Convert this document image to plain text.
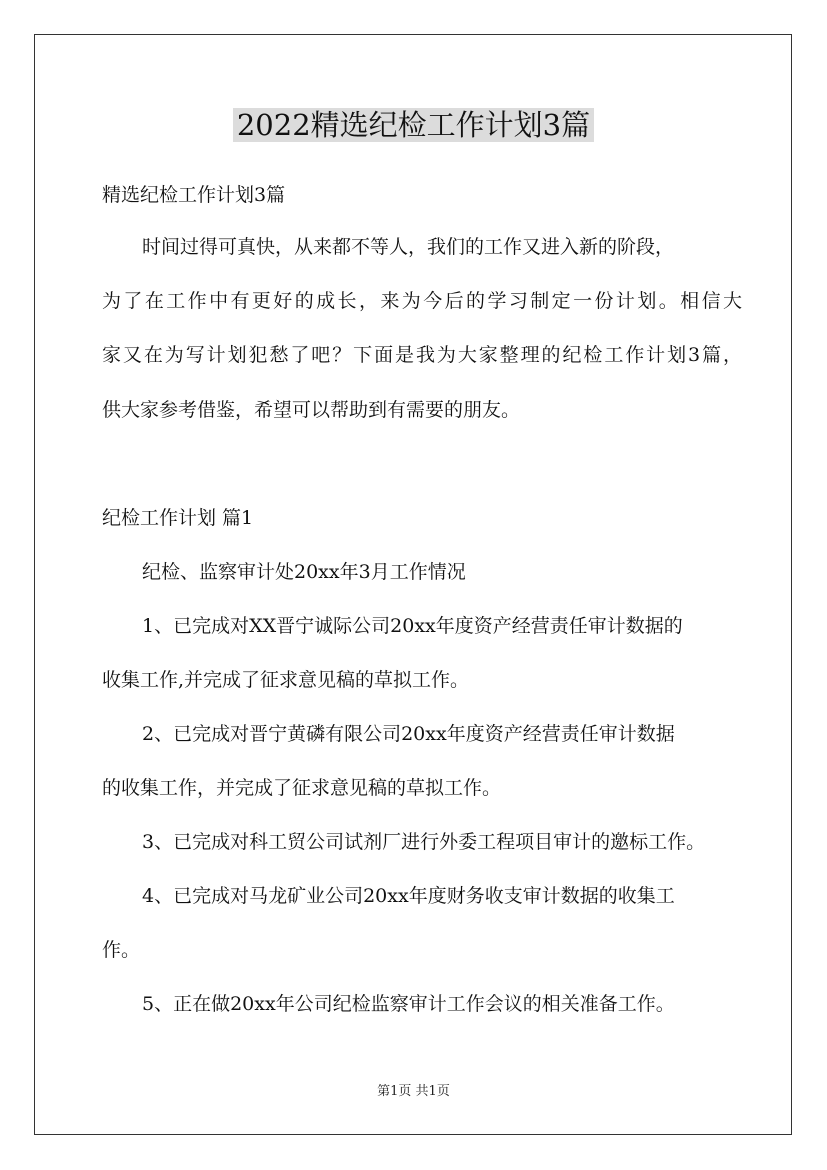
2022精选纪检工作计划3篇
精选纪检工作计划3篇
时间过得可真快，从来都不等人，我们的工作又进入新的阶段，
为了在工作中有更好的成长，来为今后的学习制定一份计划。相信大
家又在为写计划犯愁了吧？下面是我为大家整理的纪检工作计划3篇，
供大家参考借鉴，希望可以帮助到有需要的朋友。
纪检工作计划 篇1
纪检、监察审计处20xx年3月工作情况
1、已完成对XX晋宁诚际公司20xx年度资产经营责任审计数据的
收集工作,并完成了征求意见稿的草拟工作。
2、已完成对晋宁黄磷有限公司20xx年度资产经营责任审计数据
的收集工作，并完成了征求意见稿的草拟工作。
3、已完成对科工贸公司试剂厂进行外委工程项目审计的邀标工作。
4、已完成对马龙矿业公司20xx年度财务收支审计数据的收集工
作。
5、正在做20xx年公司纪检监察审计工作会议的相关准备工作。
第1页 共1页
